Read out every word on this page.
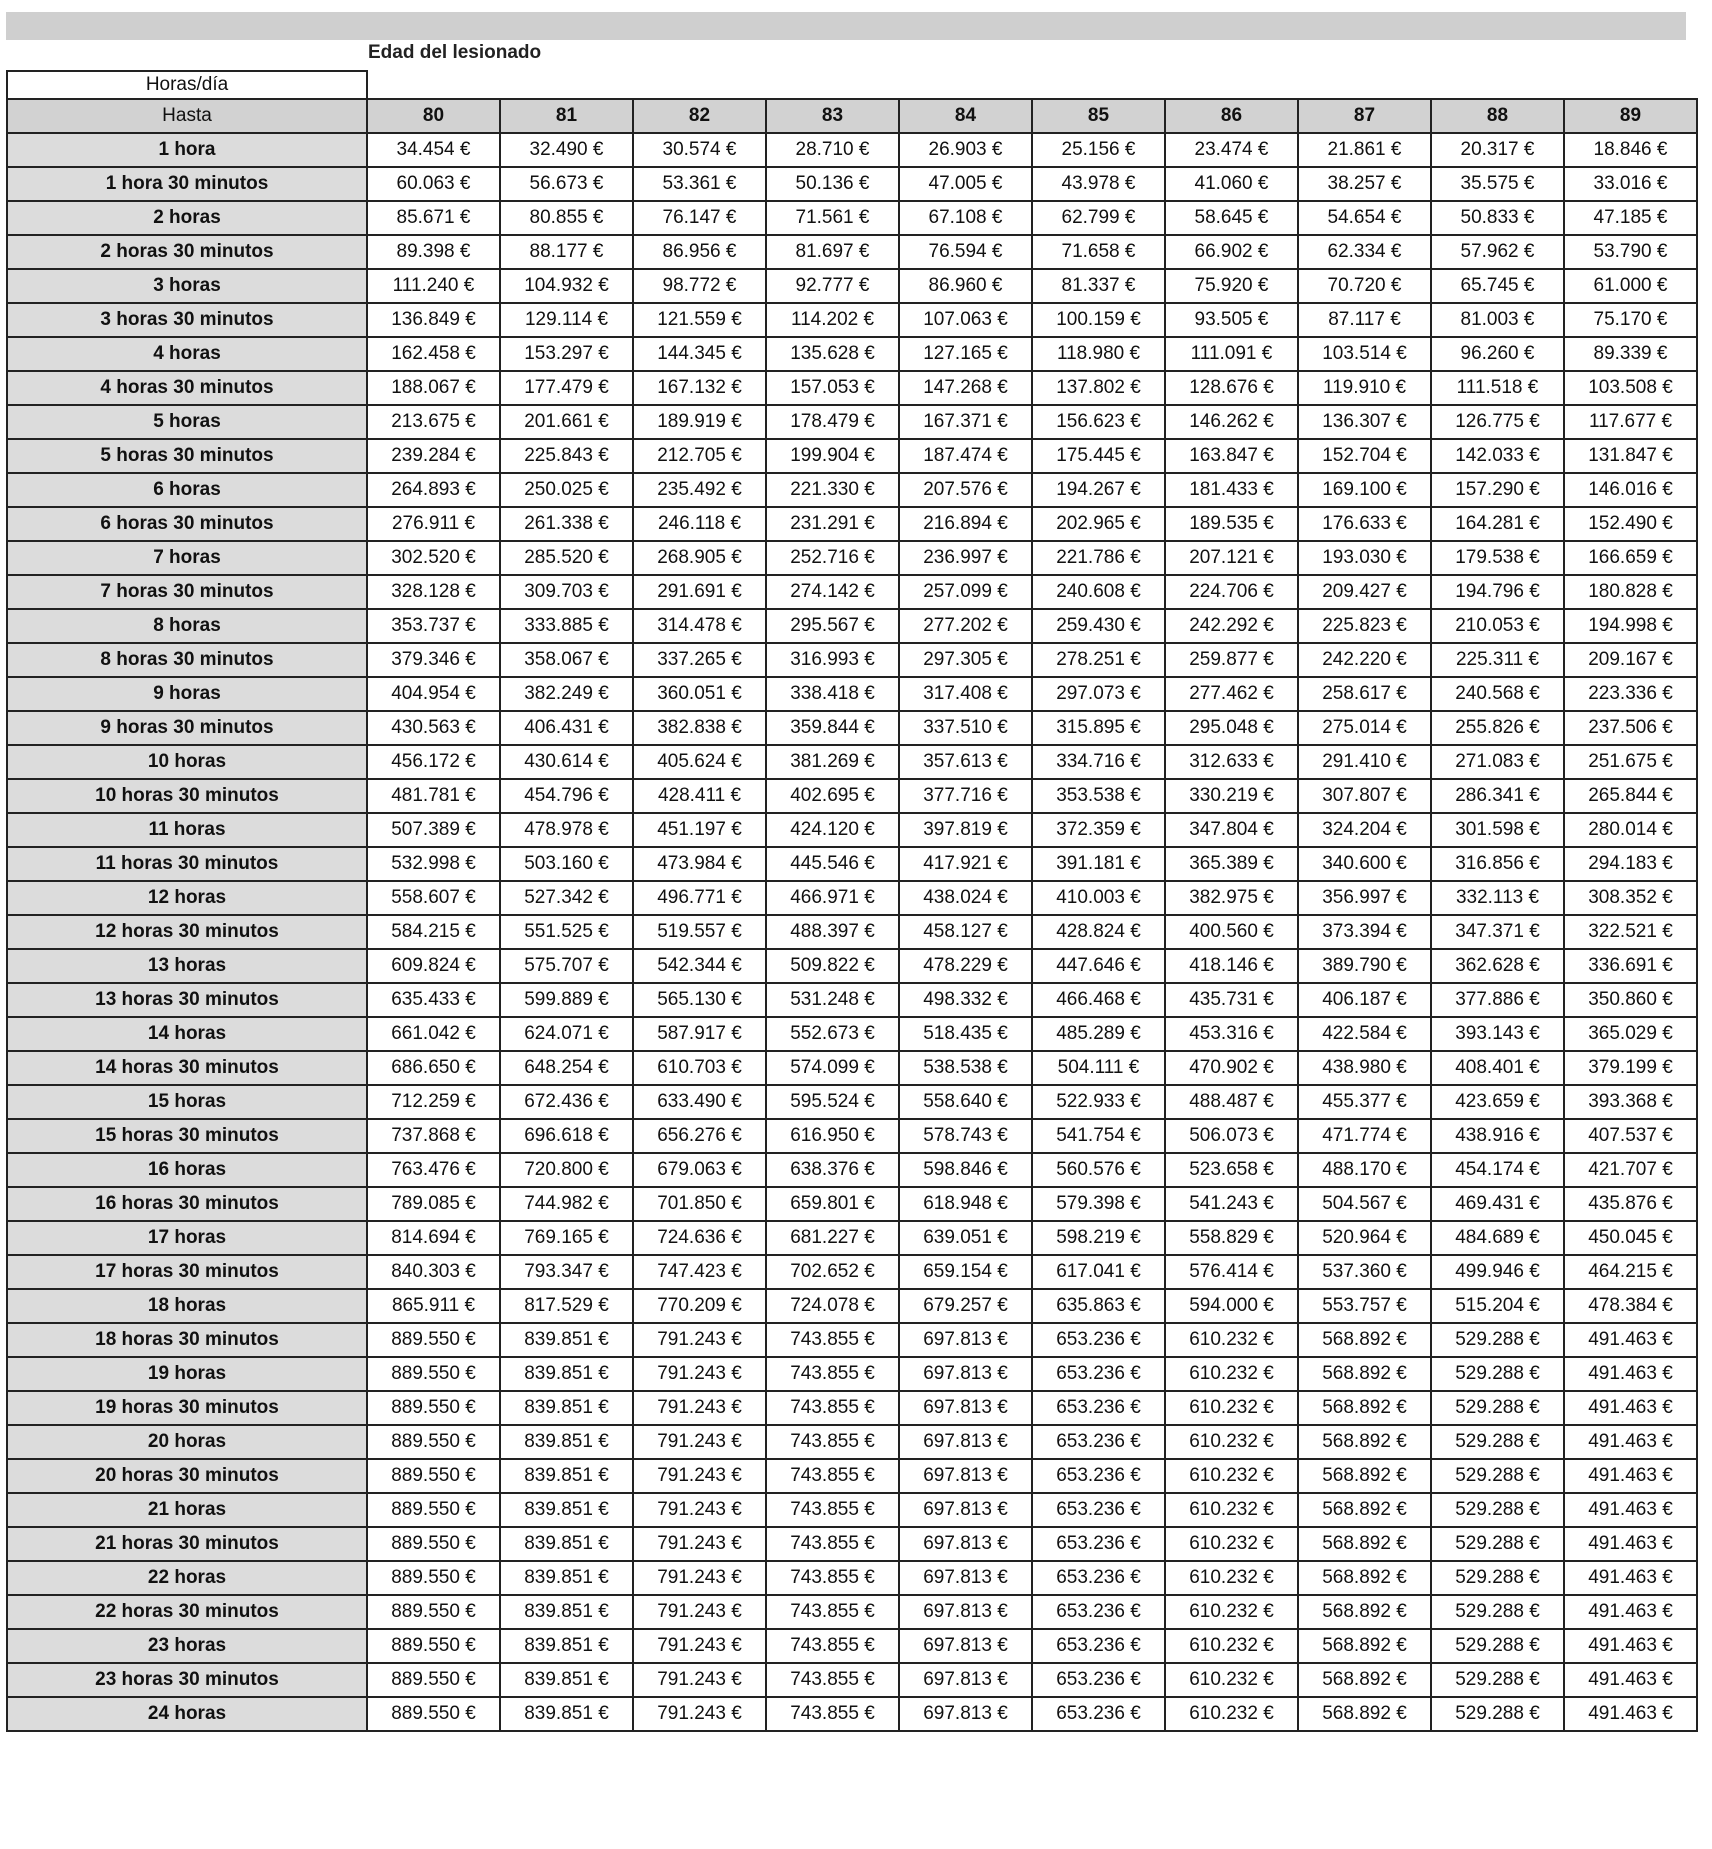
Edad del lesionado
Horas/día										
Hasta	80	81	82	83	84	85	86	87	88	89
1 hora	34.454 €	32.490 €	30.574 €	28.710 €	26.903 €	25.156 €	23.474 €	21.861 €	20.317 €	18.846 €
1 hora 30 minutos	60.063 €	56.673 €	53.361 €	50.136 €	47.005 €	43.978 €	41.060 €	38.257 €	35.575 €	33.016 €
2 horas	85.671 €	80.855 €	76.147 €	71.561 €	67.108 €	62.799 €	58.645 €	54.654 €	50.833 €	47.185 €
2 horas 30 minutos	89.398 €	88.177 €	86.956 €	81.697 €	76.594 €	71.658 €	66.902 €	62.334 €	57.962 €	53.790 €
3 horas	111.240 €	104.932 €	98.772 €	92.777 €	86.960 €	81.337 €	75.920 €	70.720 €	65.745 €	61.000 €
3 horas 30 minutos	136.849 €	129.114 €	121.559 €	114.202 €	107.063 €	100.159 €	93.505 €	87.117 €	81.003 €	75.170 €
4 horas	162.458 €	153.297 €	144.345 €	135.628 €	127.165 €	118.980 €	111.091 €	103.514 €	96.260 €	89.339 €
4 horas 30 minutos	188.067 €	177.479 €	167.132 €	157.053 €	147.268 €	137.802 €	128.676 €	119.910 €	111.518 €	103.508 €
5 horas	213.675 €	201.661 €	189.919 €	178.479 €	167.371 €	156.623 €	146.262 €	136.307 €	126.775 €	117.677 €
5 horas 30 minutos	239.284 €	225.843 €	212.705 €	199.904 €	187.474 €	175.445 €	163.847 €	152.704 €	142.033 €	131.847 €
6 horas	264.893 €	250.025 €	235.492 €	221.330 €	207.576 €	194.267 €	181.433 €	169.100 €	157.290 €	146.016 €
6 horas 30 minutos	276.911 €	261.338 €	246.118 €	231.291 €	216.894 €	202.965 €	189.535 €	176.633 €	164.281 €	152.490 €
7 horas	302.520 €	285.520 €	268.905 €	252.716 €	236.997 €	221.786 €	207.121 €	193.030 €	179.538 €	166.659 €
7 horas 30 minutos	328.128 €	309.703 €	291.691 €	274.142 €	257.099 €	240.608 €	224.706 €	209.427 €	194.796 €	180.828 €
8 horas	353.737 €	333.885 €	314.478 €	295.567 €	277.202 €	259.430 €	242.292 €	225.823 €	210.053 €	194.998 €
8 horas 30 minutos	379.346 €	358.067 €	337.265 €	316.993 €	297.305 €	278.251 €	259.877 €	242.220 €	225.311 €	209.167 €
9 horas	404.954 €	382.249 €	360.051 €	338.418 €	317.408 €	297.073 €	277.462 €	258.617 €	240.568 €	223.336 €
9 horas 30 minutos	430.563 €	406.431 €	382.838 €	359.844 €	337.510 €	315.895 €	295.048 €	275.014 €	255.826 €	237.506 €
10 horas	456.172 €	430.614 €	405.624 €	381.269 €	357.613 €	334.716 €	312.633 €	291.410 €	271.083 €	251.675 €
10 horas 30 minutos	481.781 €	454.796 €	428.411 €	402.695 €	377.716 €	353.538 €	330.219 €	307.807 €	286.341 €	265.844 €
11 horas	507.389 €	478.978 €	451.197 €	424.120 €	397.819 €	372.359 €	347.804 €	324.204 €	301.598 €	280.014 €
11 horas 30 minutos	532.998 €	503.160 €	473.984 €	445.546 €	417.921 €	391.181 €	365.389 €	340.600 €	316.856 €	294.183 €
12 horas	558.607 €	527.342 €	496.771 €	466.971 €	438.024 €	410.003 €	382.975 €	356.997 €	332.113 €	308.352 €
12 horas 30 minutos	584.215 €	551.525 €	519.557 €	488.397 €	458.127 €	428.824 €	400.560 €	373.394 €	347.371 €	322.521 €
13 horas	609.824 €	575.707 €	542.344 €	509.822 €	478.229 €	447.646 €	418.146 €	389.790 €	362.628 €	336.691 €
13 horas 30 minutos	635.433 €	599.889 €	565.130 €	531.248 €	498.332 €	466.468 €	435.731 €	406.187 €	377.886 €	350.860 €
14 horas	661.042 €	624.071 €	587.917 €	552.673 €	518.435 €	485.289 €	453.316 €	422.584 €	393.143 €	365.029 €
14 horas 30 minutos	686.650 €	648.254 €	610.703 €	574.099 €	538.538 €	504.111 €	470.902 €	438.980 €	408.401 €	379.199 €
15 horas	712.259 €	672.436 €	633.490 €	595.524 €	558.640 €	522.933 €	488.487 €	455.377 €	423.659 €	393.368 €
15 horas 30 minutos	737.868 €	696.618 €	656.276 €	616.950 €	578.743 €	541.754 €	506.073 €	471.774 €	438.916 €	407.537 €
16 horas	763.476 €	720.800 €	679.063 €	638.376 €	598.846 €	560.576 €	523.658 €	488.170 €	454.174 €	421.707 €
16 horas 30 minutos	789.085 €	744.982 €	701.850 €	659.801 €	618.948 €	579.398 €	541.243 €	504.567 €	469.431 €	435.876 €
17 horas	814.694 €	769.165 €	724.636 €	681.227 €	639.051 €	598.219 €	558.829 €	520.964 €	484.689 €	450.045 €
17 horas 30 minutos	840.303 €	793.347 €	747.423 €	702.652 €	659.154 €	617.041 €	576.414 €	537.360 €	499.946 €	464.215 €
18 horas	865.911 €	817.529 €	770.209 €	724.078 €	679.257 €	635.863 €	594.000 €	553.757 €	515.204 €	478.384 €
18 horas 30 minutos	889.550 €	839.851 €	791.243 €	743.855 €	697.813 €	653.236 €	610.232 €	568.892 €	529.288 €	491.463 €
19 horas	889.550 €	839.851 €	791.243 €	743.855 €	697.813 €	653.236 €	610.232 €	568.892 €	529.288 €	491.463 €
19 horas 30 minutos	889.550 €	839.851 €	791.243 €	743.855 €	697.813 €	653.236 €	610.232 €	568.892 €	529.288 €	491.463 €
20 horas	889.550 €	839.851 €	791.243 €	743.855 €	697.813 €	653.236 €	610.232 €	568.892 €	529.288 €	491.463 €
20 horas 30 minutos	889.550 €	839.851 €	791.243 €	743.855 €	697.813 €	653.236 €	610.232 €	568.892 €	529.288 €	491.463 €
21 horas	889.550 €	839.851 €	791.243 €	743.855 €	697.813 €	653.236 €	610.232 €	568.892 €	529.288 €	491.463 €
21 horas 30 minutos	889.550 €	839.851 €	791.243 €	743.855 €	697.813 €	653.236 €	610.232 €	568.892 €	529.288 €	491.463 €
22 horas	889.550 €	839.851 €	791.243 €	743.855 €	697.813 €	653.236 €	610.232 €	568.892 €	529.288 €	491.463 €
22 horas 30 minutos	889.550 €	839.851 €	791.243 €	743.855 €	697.813 €	653.236 €	610.232 €	568.892 €	529.288 €	491.463 €
23 horas	889.550 €	839.851 €	791.243 €	743.855 €	697.813 €	653.236 €	610.232 €	568.892 €	529.288 €	491.463 €
23 horas 30 minutos	889.550 €	839.851 €	791.243 €	743.855 €	697.813 €	653.236 €	610.232 €	568.892 €	529.288 €	491.463 €
24 horas	889.550 €	839.851 €	791.243 €	743.855 €	697.813 €	653.236 €	610.232 €	568.892 €	529.288 €	491.463 €
